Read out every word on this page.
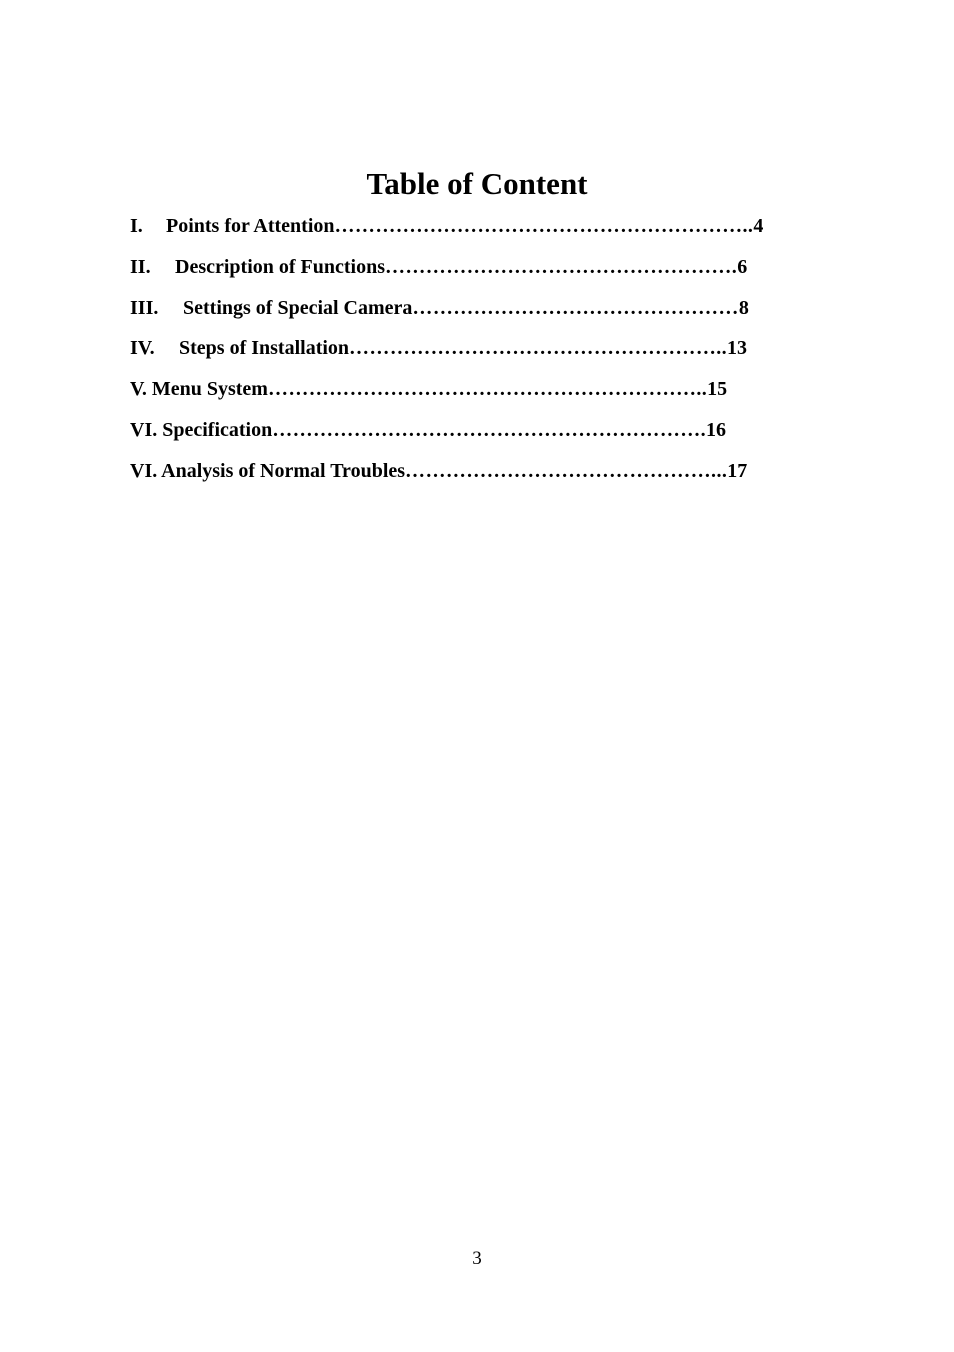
Table of Content
I. Points for Attention……………………………………………………..4
II. Description of Functions…………………………………………….6
III. Settings of Special Camera…………………………………………8
IV. Steps of Installation………………………………………………..13
V. Menu System………………………………………………………..15
VI. Specification……………………………………………………….16
VI. Analysis of Normal Troubles………………………………………...17
3
